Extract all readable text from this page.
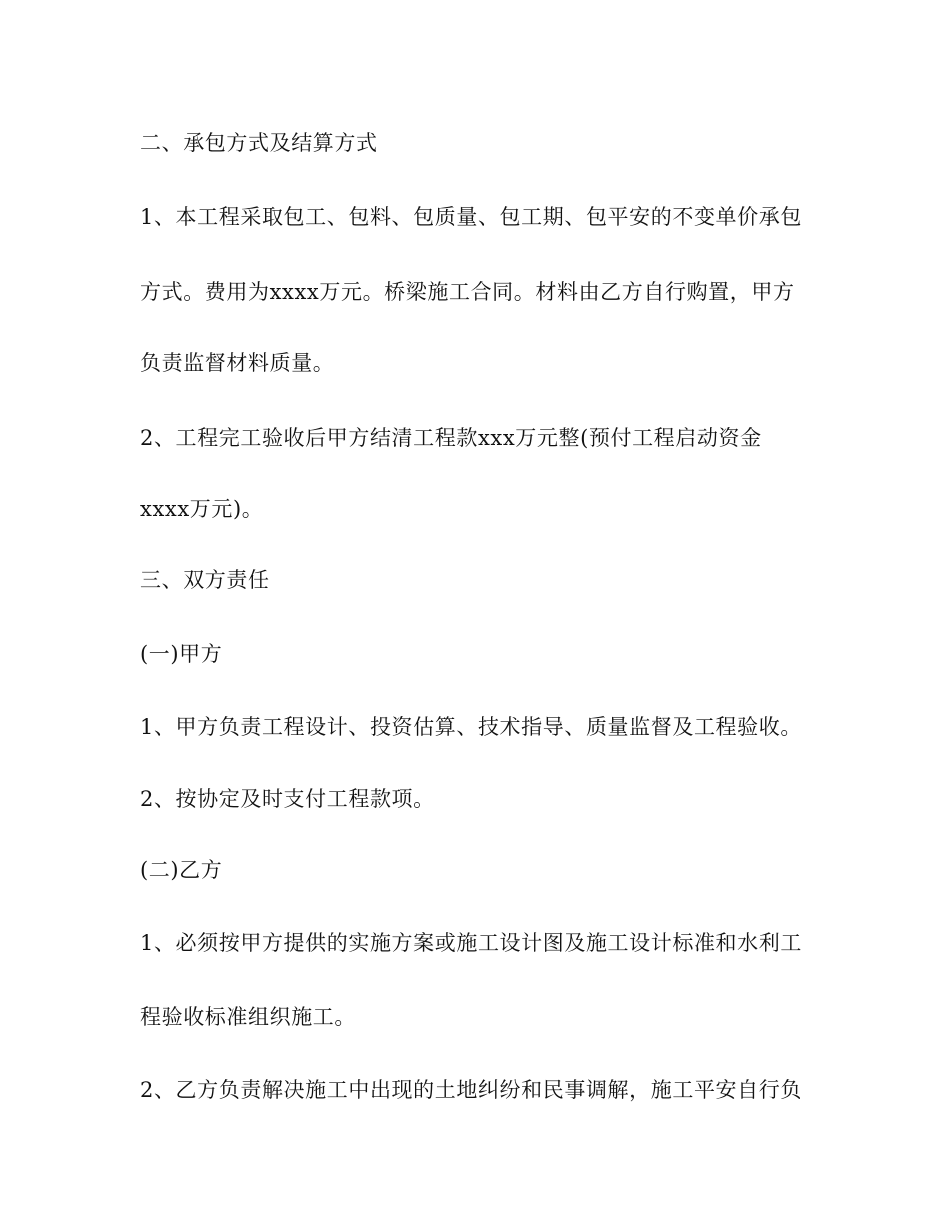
二、承包方式及结算方式
1、本工程采取包工、包料、包质量、包工期、包平安的不变单价承包
方式。费用为xxxx万元。桥梁施工合同。材料由乙方自行购置，甲方
负责监督材料质量。
2、工程完工验收后甲方结清工程款xxx万元整(预付工程启动资金
xxxx万元)。
三、双方责任
(一)甲方
1、甲方负责工程设计、投资估算、技术指导、质量监督及工程验收。
2、按协定及时支付工程款项。
(二)乙方
1、必须按甲方提供的实施方案或施工设计图及施工设计标准和水利工
程验收标准组织施工。
2、乙方负责解决施工中出现的土地纠纷和民事调解，施工平安自行负
